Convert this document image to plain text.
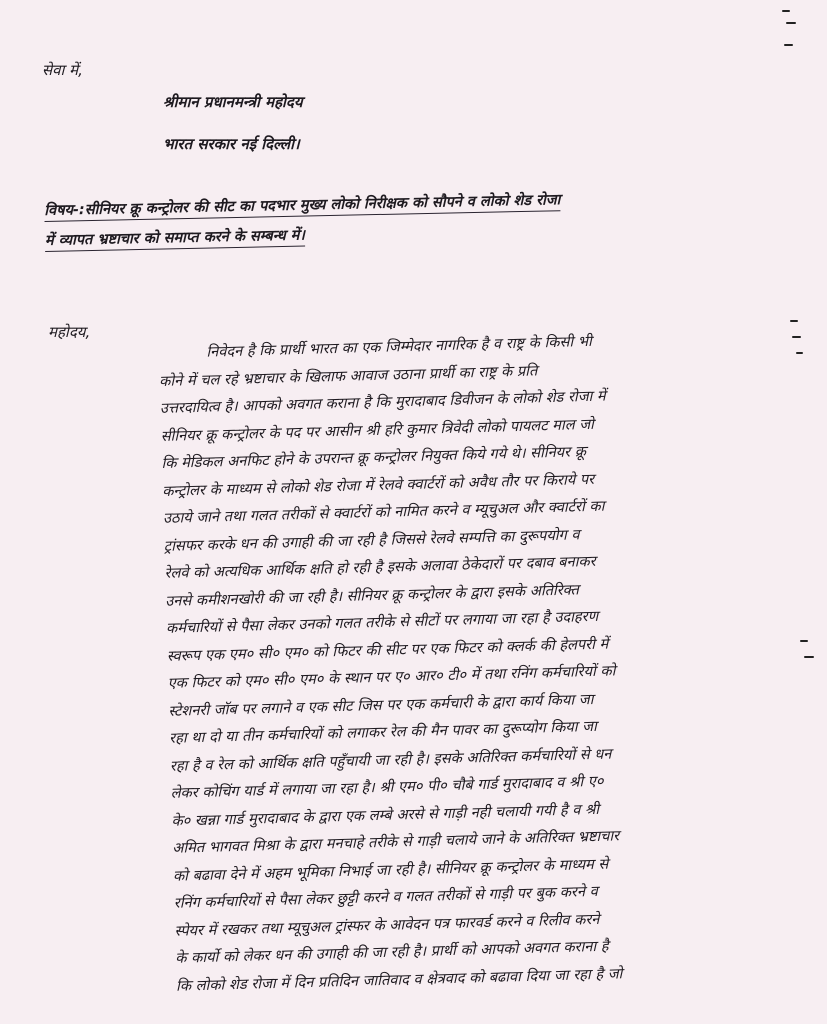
सेवा में,
श्रीमान प्रधानमन्त्री महोदय
भारत सरकार नई दिल्ली।
विषय-:सीनियर क्रू कन्ट्रोलर की सीट का पदभार मुख्य लोको निरीक्षक को सौपने व लोको शेड रोजा
में व्यापत भ्रष्टाचार को समाप्त करने के सम्बन्ध में।
महोदय,
निवेदन है कि प्रार्थी भारत का एक जिम्मेदार नागरिक है व राष्ट्र के किसी भी
कोने में चल रहे भ्रष्टाचार के खिलाफ आवाज उठाना प्रार्थी का राष्ट्र के प्रति
उत्तरदायित्व है। आपको अवगत कराना है कि मुरादाबाद डिवीजन के लोको शेड रोजा में
सीनियर क्रू कन्ट्रोलर के पद पर आसीन श्री हरि कुमार त्रिवेदी लोको पायलट माल जो
कि मेडिकल अनफिट होने के उपरान्त क्रू कन्ट्रोलर नियुक्त किये गये थे। सीनियर क्रू
कन्ट्रोलर के माध्यम से लोको शेड रोजा में रेलवे क्वार्टरों को अवैध तौर पर किराये पर
उठाये जाने तथा गलत तरीकों से क्वार्टरों को नामित करने व म्यूचुअल और क्वार्टरों का
ट्रांसफर करके धन की उगाही की जा रही है जिससे रेलवे सम्पत्ति का दुरूपयोग व
रेलवे को अत्यधिक आर्थिक क्षति हो रही है इसके अलावा ठेकेदारों पर दबाव बनाकर
उनसे कमीशनखोरी की जा रही है। सीनियर क्रू कन्ट्रोलर के द्वारा इसके अतिरिक्त
कर्मचारियों से पैसा लेकर उनको गलत तरीके से सीटों पर लगाया जा रहा है उदाहरण
स्वरूप एक एम० सी० एम० को फिटर की सीट पर एक फिटर को क्लर्क की हेलपरी में
एक फिटर को एम० सी० एम० के स्थान पर ए० आर० टी० में तथा रनिंग कर्मचारियों को
स्टेशनरी जॉब पर लगाने व एक सीट जिस पर एक कर्मचारी के द्वारा कार्य किया जा
रहा था दो या तीन कर्मचारियों को लगाकर रेल की मैन पावर का दुरूप्योग किया जा
रहा है व रेल को आर्थिक क्षति पहुँचायी जा रही है। इसके अतिरिक्त कर्मचारियों से धन
लेकर कोचिंग यार्ड में लगाया जा रहा है। श्री एम० पी० चौबे गार्ड मुरादाबाद व श्री ए०
के० खन्ना गार्ड मुरादाबाद के द्वारा एक लम्बे अरसे से गाड़ी नही चलायी गयी है व श्री
अमित भागवत मिश्रा के द्वारा मनचाहे तरीके से गाड़ी चलाये जाने के अतिरिक्त भ्रष्टाचार
को बढावा देने में अहम भूमिका निभाई जा रही है। सीनियर क्रू कन्ट्रोलर के माध्यम से
रनिंग कर्मचारियों से पैसा लेकर छुट्टी करने व गलत तरीकों से गाड़ी पर बुक करने व
स्पेयर में रखकर तथा म्यूचुअल ट्रांस्फर के आवेदन पत्र फारवर्ड करने व रिलीव करने
के कार्यो को लेकर धन की उगाही की जा रही है। प्रार्थी को आपको अवगत कराना है
कि लोको शेड रोजा में दिन प्रतिदिन जातिवाद व क्षेत्रवाद को बढावा दिया जा रहा है जो
